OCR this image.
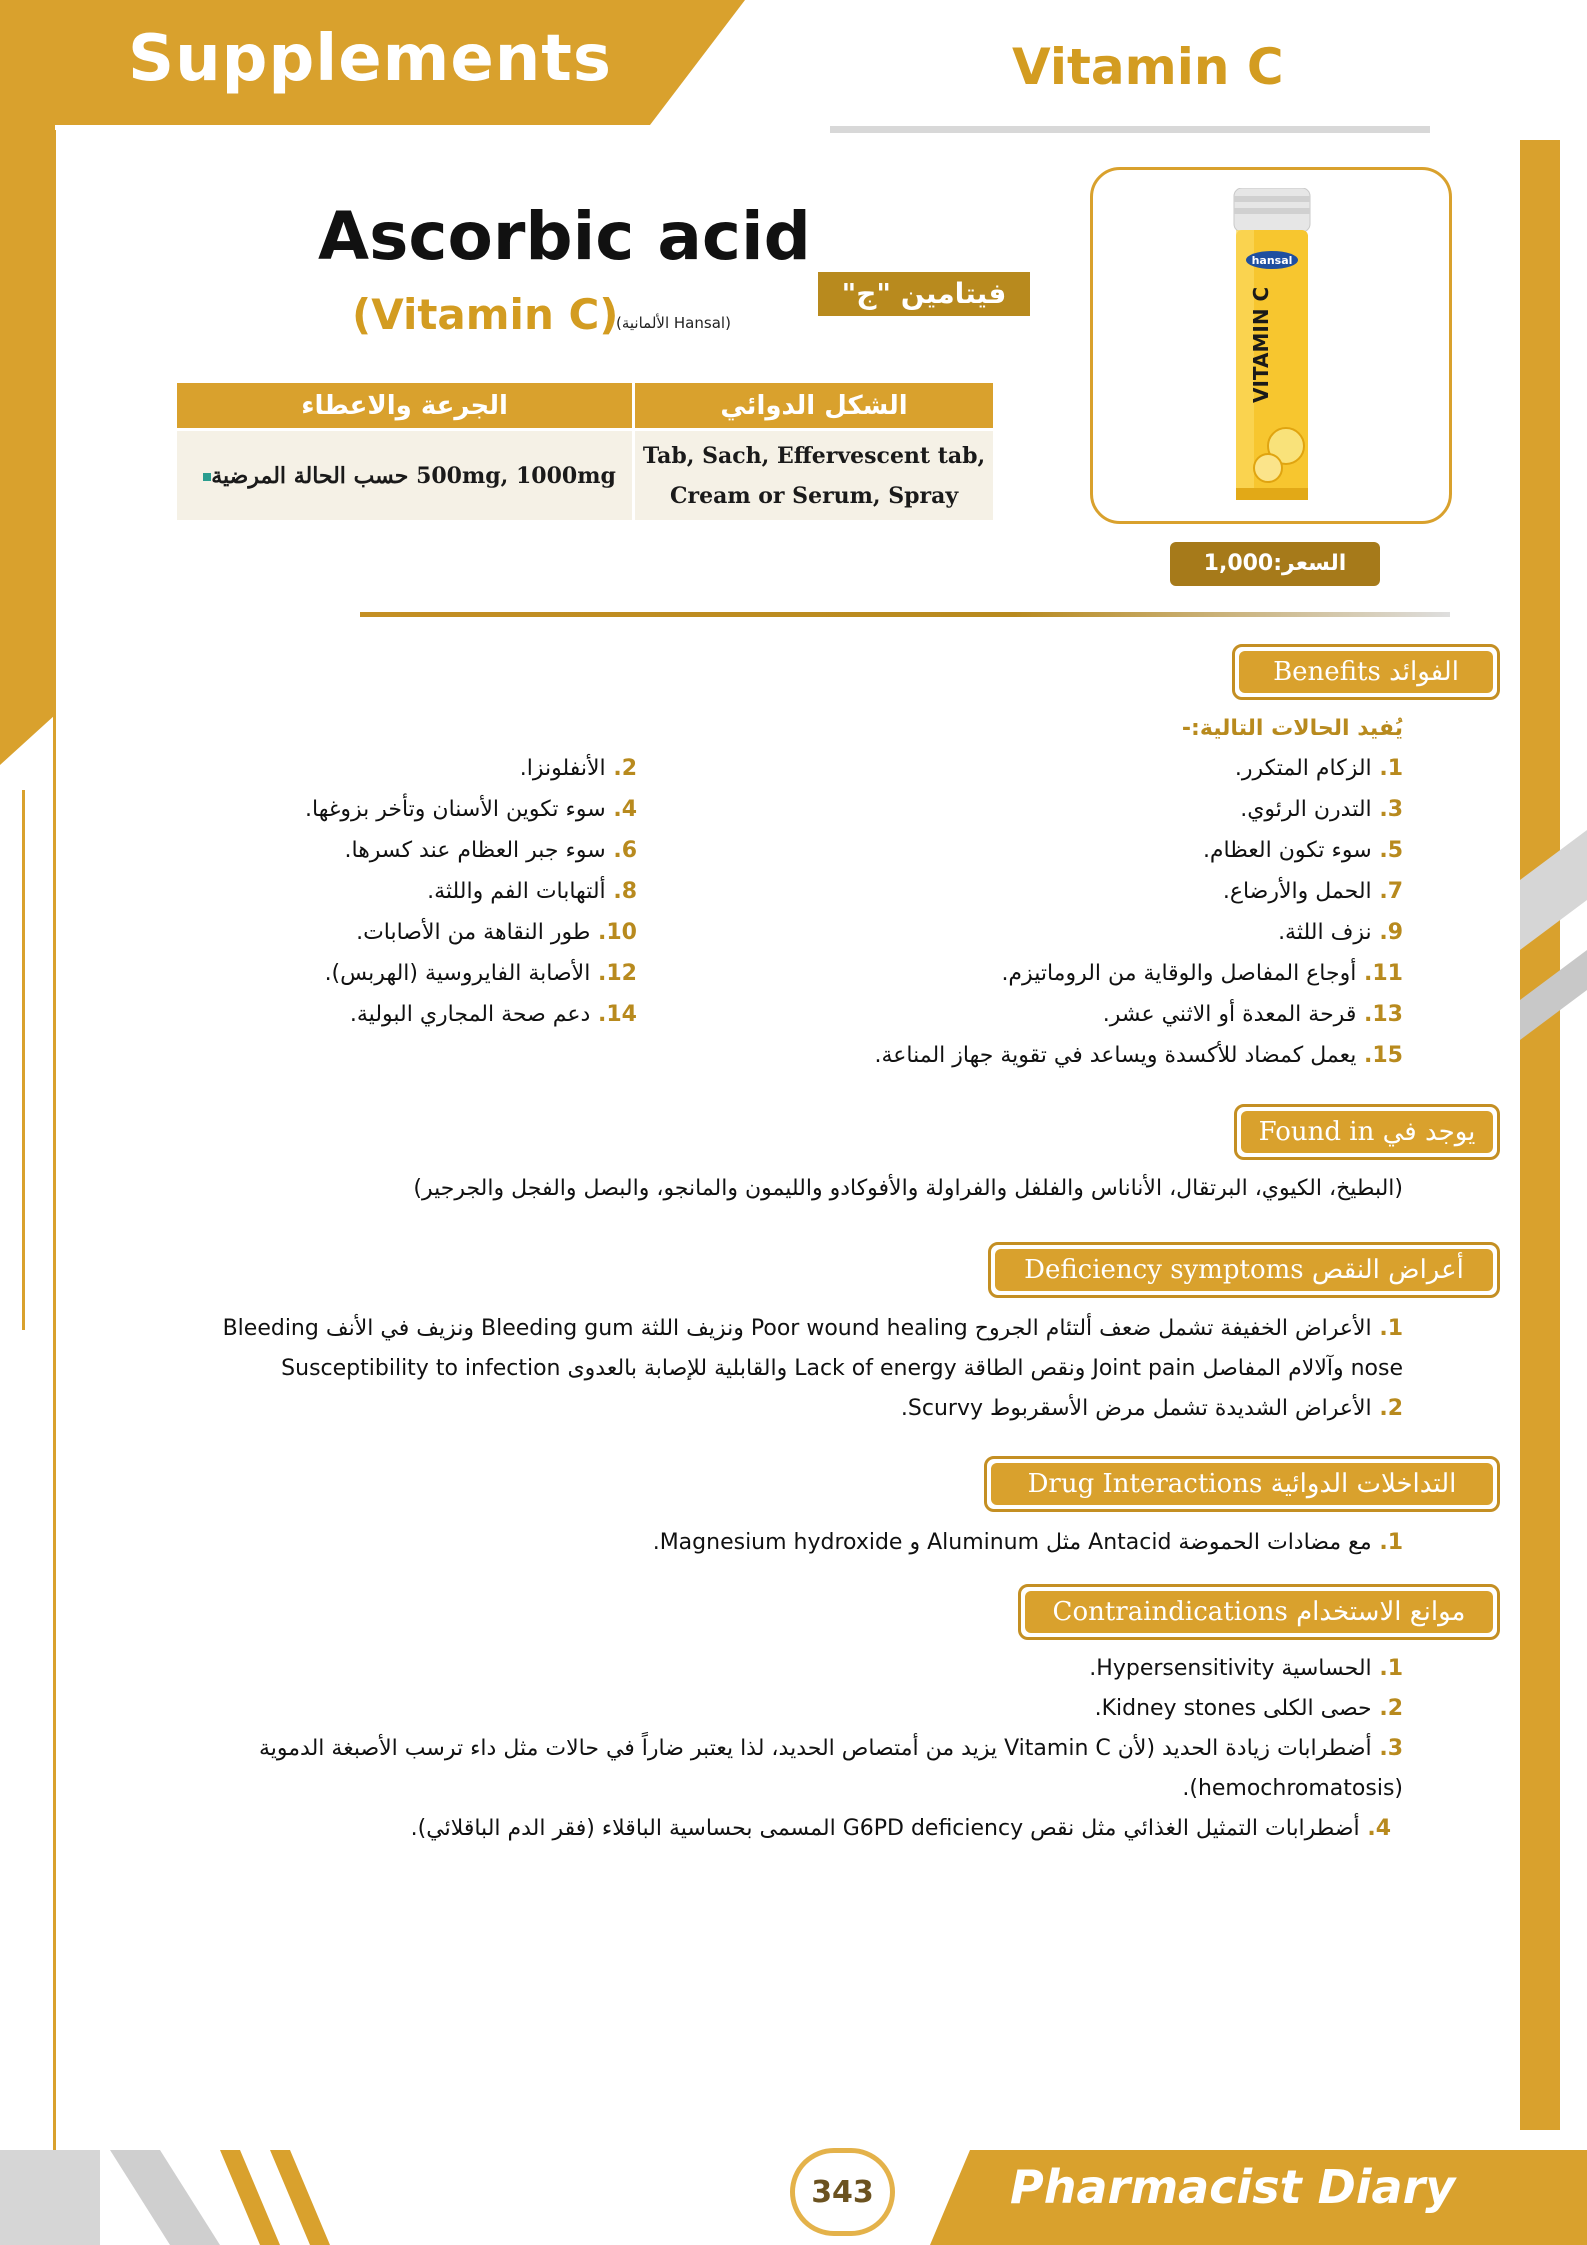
Supplements	Vitamin C
Ascorbic acid
(Vitamin C)
(Hansal الألمانية)
فيتامين "ج"
الجرعة والاعطاء	الشكل الدوائي
500mg, 1000mg حسب الحالة المرضية	Tab, Sach, Effervescent tab,
Cream or Serum, Spray
hansal
VITAMIN C
السعر:1,000
Benefits الفوائد
يُفيد الحالات التالية:-
1. الزكام المتكرر.
3. التدرن الرئوي.
5. سوء تكون العظام.
7. الحمل والأرضاع.
9. نزف اللثة.
11. أوجاع المفاصل والوقاية من الروماتيزم.
13. قرحة المعدة أو الاثني عشر.
15. يعمل كمضاد للأكسدة ويساعد في تقوية جهاز المناعة.
2. الأنفلونزا.
4. سوء تكوين الأسنان وتأخر بزوغها.
6. سوء جبر العظام عند كسرها.
8. ألتهابات الفم واللثة.
10. طور النقاهة من الأصابات.
12. الأصابة الفايروسية (الهربس).
14. دعم صحة المجاري البولية.
Found in يوجد في
(البطيخ، الكيوي، البرتقال، الأناناس والفلفل والفراولة والأفوكادو والليمون والمانجو، والبصل والفجل والجرجير)
Deficiency symptoms أعراض النقص
1. الأعراض الخفيفة تشمل ضعف ألتئام الجروح Poor wound healing ونزيف اللثة Bleeding gum ونزيف في الأنف Bleeding
nose وآلالام المفاصل Joint pain ونقص الطاقة Lack of energy والقابلية للإصابة بالعدوى Susceptibility to infection
2. الأعراض الشديدة تشمل مرض الأسقربوط Scurvy.
Drug Interactions التداخلات الدوائية
1. مع مضادات الحموضة Antacid مثل Aluminum و Magnesium hydroxide.
Contraindications موانع الاستخدام
1. الحساسية Hypersensitivity.
2. حصى الكلى Kidney stones.
3. أضطرابات زيادة الحديد (لأن Vitamin C يزيد من أمتصاص الحديد، لذا يعتبر ضاراً في حالات مثل داء ترسب الأصبغة الدموية
(hemochromatosis).
4. أضطرابات التمثيل الغذائي مثل نقص G6PD deficiency المسمى بحساسية الباقلاء (فقر الدم الباقلائي).
343	Pharmacist Diary
